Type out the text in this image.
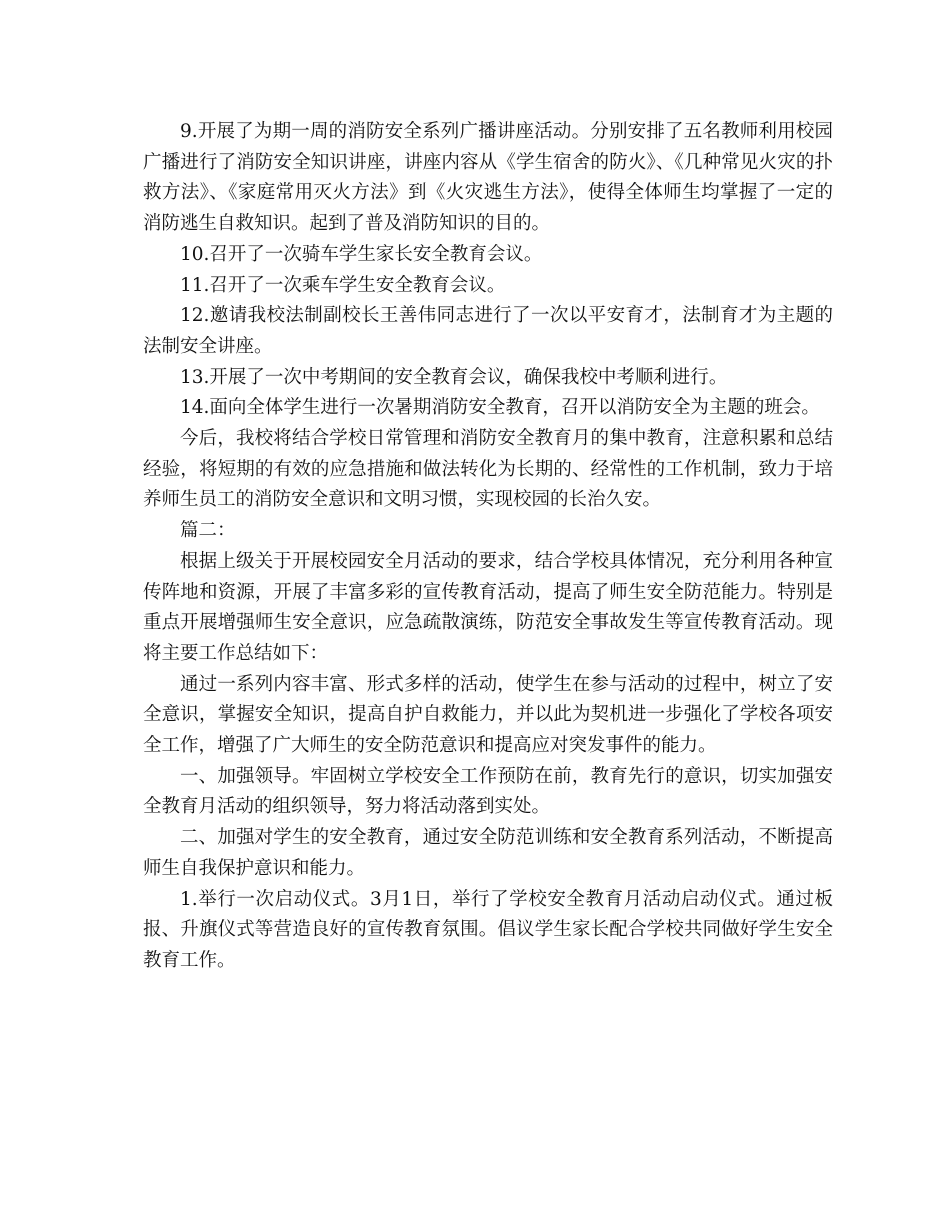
9.开展了为期一周的消防安全系列广播讲座活动。分别安排了五名教师利用校园广播进行了消防安全知识讲座，讲座内容从《学生宿舍的防火》、《几种常见火灾的扑救方法》、《家庭常用灭火方法》到《火灾逃生方法》，使得全体师生均掌握了一定的消防逃生自救知识。起到了普及消防知识的目的。

10.召开了一次骑车学生家长安全教育会议。

11.召开了一次乘车学生安全教育会议。

12.邀请我校法制副校长王善伟同志进行了一次以平安育才，法制育才为主题的法制安全讲座。

13.开展了一次中考期间的安全教育会议，确保我校中考顺利进行。

14.面向全体学生进行一次暑期消防安全教育，召开以消防安全为主题的班会。

今后，我校将结合学校日常管理和消防安全教育月的集中教育，注意积累和总结经验，将短期的有效的应急措施和做法转化为长期的、经常性的工作机制，致力于培养师生员工的消防安全意识和文明习惯，实现校园的长治久安。

篇二：

根据上级关于开展校园安全月活动的要求，结合学校具体情况，充分利用各种宣传阵地和资源，开展了丰富多彩的宣传教育活动，提高了师生安全防范能力。特别是重点开展增强师生安全意识，应急疏散演练，防范安全事故发生等宣传教育活动。现将主要工作总结如下：

通过一系列内容丰富、形式多样的活动，使学生在参与活动的过程中，树立了安全意识，掌握安全知识，提高自护自救能力，并以此为契机进一步强化了学校各项安全工作，增强了广大师生的安全防范意识和提高应对突发事件的能力。

一、加强领导。牢固树立学校安全工作预防在前，教育先行的意识，切实加强安全教育月活动的组织领导，努力将活动落到实处。

二、加强对学生的安全教育，通过安全防范训练和安全教育系列活动，不断提高师生自我保护意识和能力。

1.举行一次启动仪式。3月1日，举行了学校安全教育月活动启动仪式。通过板报、升旗仪式等营造良好的宣传教育氛围。倡议学生家长配合学校共同做好学生安全教育工作。
